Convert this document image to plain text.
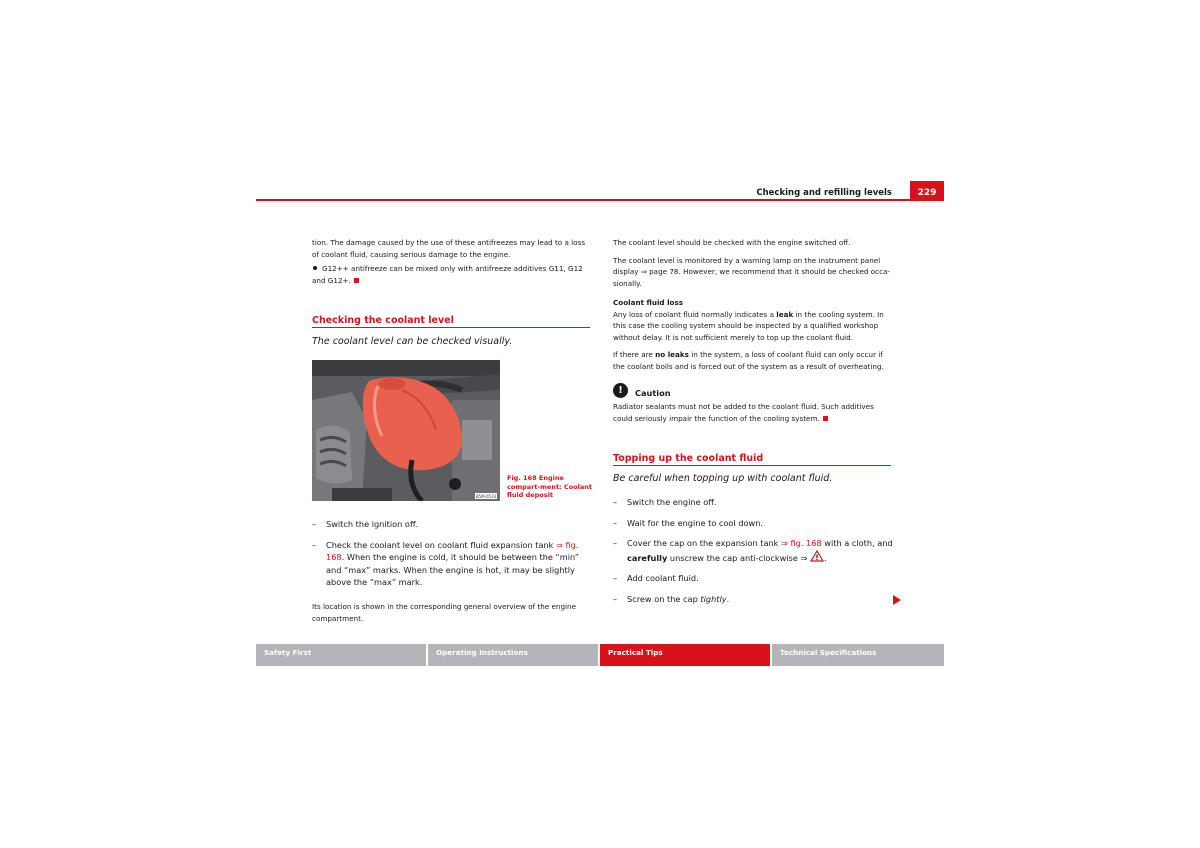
Checking and refilling levels	229
tion. The damage caused by the use of these antifreezes may lead to a loss of coolant fluid, causing serious damage to the engine.
G12++ antifreeze can be mixed only with antifreeze additives G11, G12 and G12+.
Checking the coolant level
The coolant level can be checked visually.
B5M-0533
Fig. 168 Engine compart-ment: Coolant fluid deposit
– Switch the ignition off.
– Check the coolant level on coolant fluid expansion tank ⇒ fig. 168. When the engine is cold, it should be between the “min” and “max” marks. When the engine is hot, it may be slightly above the “max” mark.
Its location is shown in the corresponding general overview of the engine compartment.
The coolant level should be checked with the engine switched off.
The coolant level is monitored by a warning lamp on the instrument panel display ⇒ page 78. However, we recommend that it should be checked occa-sionally.
Coolant fluid loss
Any loss of coolant fluid normally indicates a leak in the cooling system. In this case the cooling system should be inspected by a qualified workshop without delay. It is not sufficient merely to top up the coolant fluid.
If there are no leaks in the system, a loss of coolant fluid can only occur if the coolant boils and is forced out of the system as a result of overheating.
!	Caution
Radiator sealants must not be added to the coolant fluid. Such additives could seriously impair the function of the cooling system.
Topping up the coolant fluid
Be careful when topping up with coolant fluid.
– Switch the engine off.
– Wait for the engine to cool down.
– Cover the cap on the expansion tank ⇒ fig. 168 with a cloth, and carefully unscrew the cap anti-clockwise ⇒ .
– Add coolant fluid.
– Screw on the cap tightly.
Safety First	Operating Instructions	Practical Tips	Technical Specifications
